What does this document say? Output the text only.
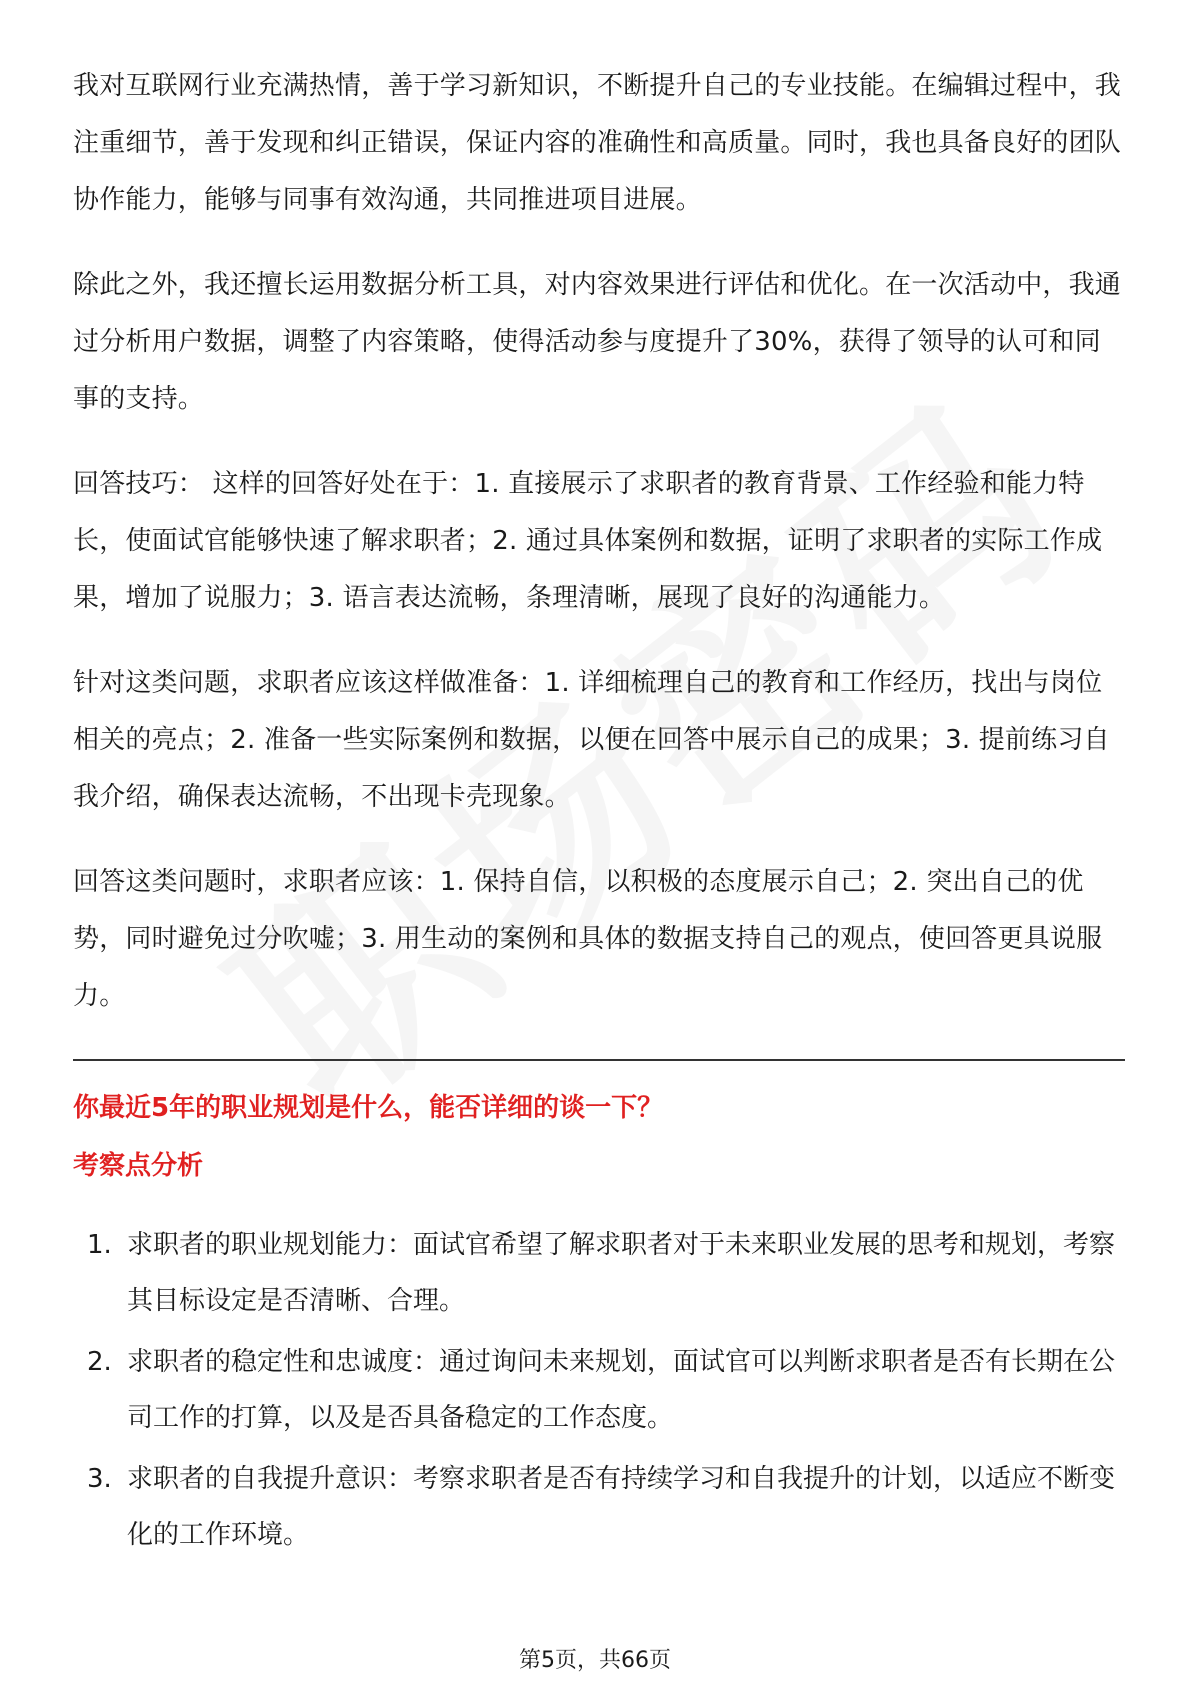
我对互联网行业充满热情，善于学习新知识，不断提升自己的专业技能。在编辑过程中，我注重细节，善于发现和纠正错误，保证内容的准确性和高质量。同时，我也具备良好的团队协作能力，能够与同事有效沟通，共同推进项目进展。

除此之外，我还擅长运用数据分析工具，对内容效果进行评估和优化。在一次活动中，我通过分析用户数据，调整了内容策略，使得活动参与度提升了30%，获得了领导的认可和同事的支持。

回答技巧： 这样的回答好处在于：1. 直接展示了求职者的教育背景、工作经验和能力特长，使面试官能够快速了解求职者；2. 通过具体案例和数据，证明了求职者的实际工作成果，增加了说服力；3. 语言表达流畅，条理清晰，展现了良好的沟通能力。

针对这类问题，求职者应该这样做准备：1. 详细梳理自己的教育和工作经历，找出与岗位相关的亮点；2. 准备一些实际案例和数据，以便在回答中展示自己的成果；3. 提前练习自我介绍，确保表达流畅，不出现卡壳现象。

回答这类问题时，求职者应该：1. 保持自信，以积极的态度展示自己；2. 突出自己的优势，同时避免过分吹嘘；3. 用生动的案例和具体的数据支持自己的观点，使回答更具说服力。

你最近5年的职业规划是什么，能否详细的谈一下？
考察点分析
1. 求职者的职业规划能力：面试官希望了解求职者对于未来职业发展的思考和规划，考察其目标设定是否清晰、合理。
2. 求职者的稳定性和忠诚度：通过询问未来规划，面试官可以判断求职者是否有长期在公司工作的打算，以及是否具备稳定的工作态度。
3. 求职者的自我提升意识：考察求职者是否有持续学习和自我提升的计划，以适应不断变化的工作环境。
第5页，共66页
